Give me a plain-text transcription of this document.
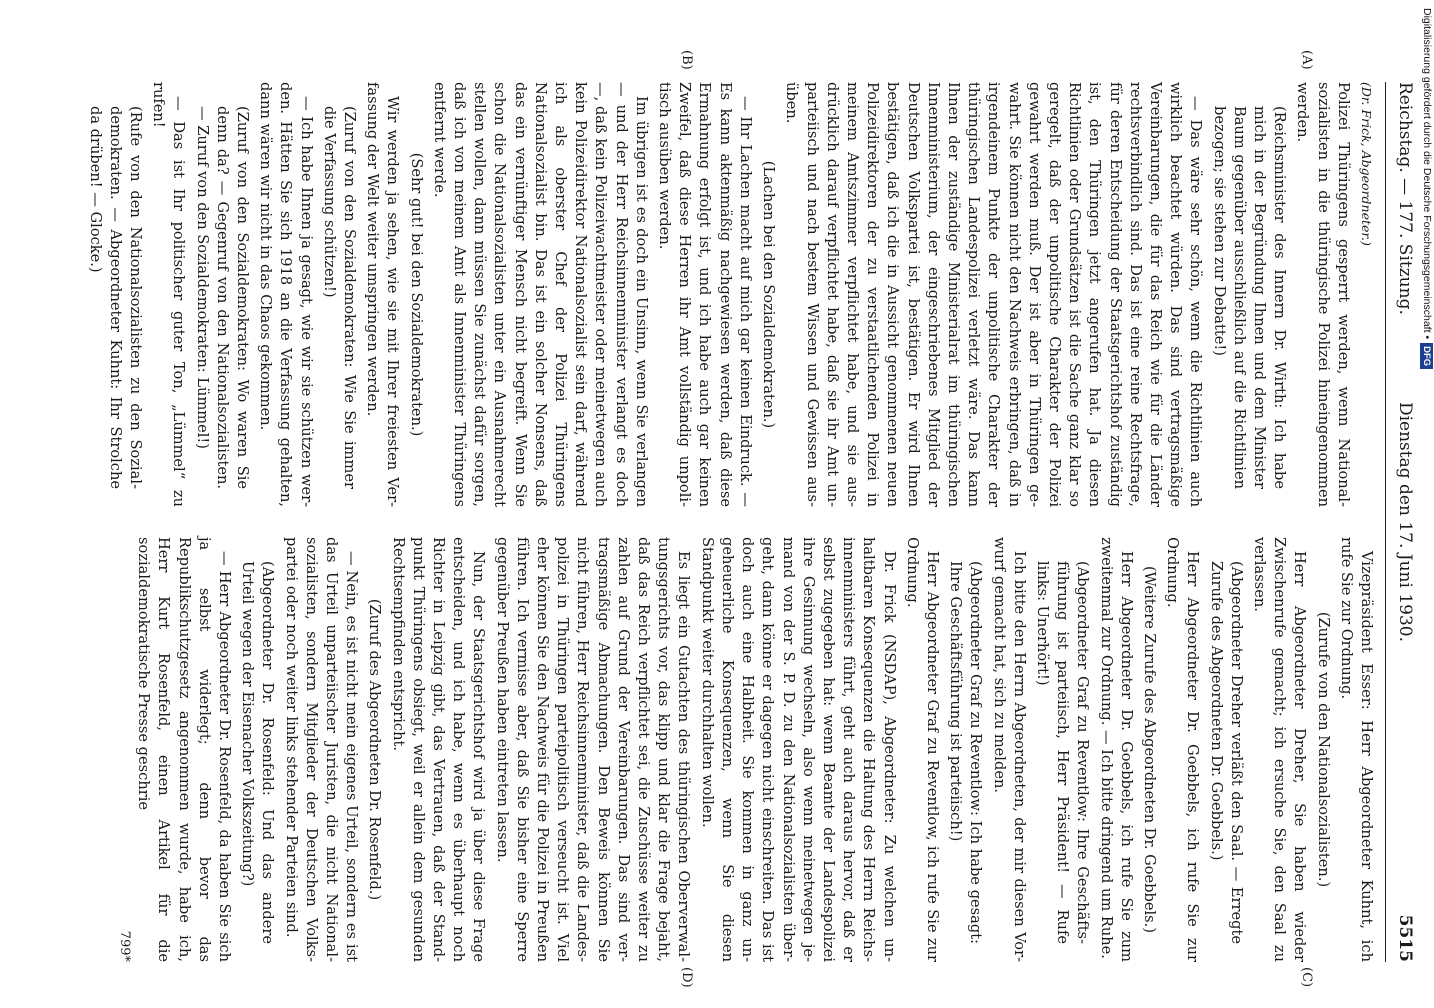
Reichstag. — 177. Sitzung.
Dienstag den 17. Juni 1930.
5515
(A)
(B)
(C)
(D)

(Dr. Frick, Abgeordneter.)

Polizei Thüringens gesperrt werden, wenn Nationalsozialisten in die thüringische Polizei hineingenommen werden.

(Reichsminister des Innern Dr. Wirth: Ich habe mich in der Begründung Ihnen und dem Minister Baum gegenüber ausschließlich auf die Richtlinien bezogen; sie stehen zur Debatte!)

— Das wäre sehr schön, wenn die Richtlinien auch wirklich beachtet würden. Das sind vertragsmäßige Vereinbarungen, die für das Reich wie für die Länder rechtsverbindlich sind. Das ist eine reine Rechtsfrage, für deren Entscheidung der Staatsgerichtshof zuständig ist, den Thüringen jetzt angerufen hat. Ja diesen Richtlinien oder Grundsätzen ist die Sache ganz klar so geregelt, daß der unpolitische Charakter der Polizei gewahrt werden muß. Der ist aber in Thüringen gewahrt. Sie können nicht den Nachweis erbringen, daß in irgendeinem Punkte der unpolitische Charakter der thüringischen Landespolizei verletzt wäre. Das kann Ihnen der zuständige Ministerialrat im thüringischen Innenministerium, der eingeschriebenes Mitglied der Deutschen Volkspartei ist, bestätigen. Er wird Ihnen bestätigen, daß ich die in Aussicht genommenen neuen Polizeidirektoren der zu verstaatlichenden Polizei in meinem Amtszimmer verpflichtet habe, und sie ausdrücklich darauf verpflichtet habe, daß sie ihr Amt unparteiisch und nach bestem Wissen und Gewissen ausüben.

(Lachen bei den Sozialdemokraten.)

— Ihr Lachen macht auf mich gar keinen Eindruck. — Es kann aktenmäßig nachgewiesen werden, daß diese Ermahnung erfolgt ist, und ich habe auch gar keinen Zweifel, daß diese Herren ihr Amt vollständig unpolitisch ausüben werden.

Im übrigen ist es doch ein Unsinn, wenn Sie verlangen — und der Herr Reichsinnenminister verlangt es doch —, daß kein Polizeiwachtmeister oder meinetwegen auch kein Polizeidirektor Nationalsozialist sein darf, während ich als oberster Chef der Polizei Thüringens Nationalsozialist bin. Das ist ein solcher Nonsens, daß das ein vernünftiger Mensch nicht begreift. Wenn Sie schon die Nationalsozialisten unter ein Ausnahmerecht stellen wollen, dann müssen Sie zunächst dafür sorgen, daß ich von meinem Amt als Innenminister Thüringens entfernt werde.

(Sehr gut! bei den Sozialdemokraten.)

Wir werden ja sehen, wie sie mit Ihrer freiesten Verfassung der Welt weiter umspringen werden.

(Zuruf von den Sozialdemokraten: Wie Sie immer die Verfassung schützen!)

— Ich habe Ihnen ja gesagt, wie wir sie schützen werden. Hätten Sie sich 1918 an die Verfassung gehalten, dann wären wir nicht in das Chaos gekommen.

(Zuruf von den Sozialdemokraten: Wo waren Sie denn da? — Gegenruf von den Nationalsozialisten. — Zuruf von den Sozialdemokraten: Lümmel!)

— Das ist Ihr politischer guter Ton, „Lümmel“ zu rufen!

(Rufe von den Nationalsozialisten zu den Sozialdemokraten. — Abgeordneter Kuhnt: Ihr Strolche da drüben! — Glocke.)

Vizepräsident Esser: Herr Abgeordneter Kuhnt, ich rufe Sie zur Ordnung.

(Zurufe von den Nationalsozialisten.)

Herr Abgeordneter Dreher, Sie haben wieder Zwischenrufe gemacht; ich ersuche Sie, den Saal zu verlassen.

(Abgeordneter Dreher verläßt den Saal. — Erregte Zurufe des Abgeordneten Dr. Goebbels.)

Herr Abgeordneter Dr. Goebbels, ich rufe Sie zur Ordnung.

(Weitere Zurufe des Abgeordneten Dr. Goebbels.)

Herr Abgeordneter Dr. Goebbels, ich rufe Sie zum zweitenmal zur Ordnung. — Ich bitte dringend um Ruhe.

(Abgeordneter Graf zu Reventlow: Ihre Geschäftsführung ist parteiisch, Herr Präsident! — Rufe links: Unerhört!)

Ich bitte den Herrn Abgeordneten, der mir diesen Vorwurf gemacht hat, sich zu melden.

(Abgeordneter Graf zu Reventlow: Ich habe gesagt: Ihre Geschäftsführung ist parteiisch!)

Herr Abgeordneter Graf zu Reventlow, ich rufe Sie zur Ordnung.

Dr. Frick (NSDAP), Abgeordneter: Zu welchen unhaltbaren Konsequenzen die Haltung des Herrn Reichsinnenministers führt, geht auch daraus hervor, daß er selbst zugegeben hat: wenn Beamte der Landespolizei ihre Gesinnung wechseln, also wenn meinetwegen jemand von der S. P. D. zu den Nationalsozialisten übergeht, dann könne er dagegen nicht einschreiten. Das ist doch auch eine Halbheit. Sie kommen in ganz ungeheuerliche Konsequenzen, wenn Sie diesen Standpunkt weiter durchhalten wollen.

Es liegt ein Gutachten des thüringischen Oberverwaltungsgerichts vor, das klipp und klar die Frage bejaht, daß das Reich verpflichtet sei, die Zuschüsse weiter zu zahlen auf Grund der Vereinbarungen. Das sind vertragsmäßige Abmachungen. Den Beweis können Sie nicht führen, Herr Reichsinnenminister, daß die Landespolizei in Thüringen parteipolitisch verseucht ist. Viel eher können Sie den Nachweis für die Polizei in Preußen führen. Ich vermisse aber, daß Sie bisher eine Sperre gegenüber Preußen haben eintreten lassen.

Nun, der Staatsgerichtshof wird ja über diese Frage entscheiden, und ich habe, wenn es überhaupt noch Richter in Leipzig gibt, das Vertrauen, daß der Standpunkt Thüringens obsiegt, weil er allein dem gesunden Rechtsempfinden entspricht.

(Zuruf des Abgeordneten Dr. Rosenfeld.)

— Nein, es ist nicht mein eigenes Urteil, sondern es ist das Urteil unparteiischer Juristen, die nicht Nationalsozialisten, sondern Mitglieder der Deutschen Volkspartei oder noch weiter links stehender Parteien sind.

(Abgeordneter Dr. Rosenfeld: Und das andere Urteil wegen der Eisenacher Volkszeitung?)

— Herr Abgeordneter Dr. Rosenfeld, da haben Sie sich ja selbst widerlegt; denn bevor das Republikschutzgesetz angenommen wurde, habe ich, Herr Kurt Rosenfeld, einen Artikel für die sozialdemokratische Presse geschrie

799*
Digitalisierung gefördert durch die Deutsche Forschungsgemeinschaft •DFG
